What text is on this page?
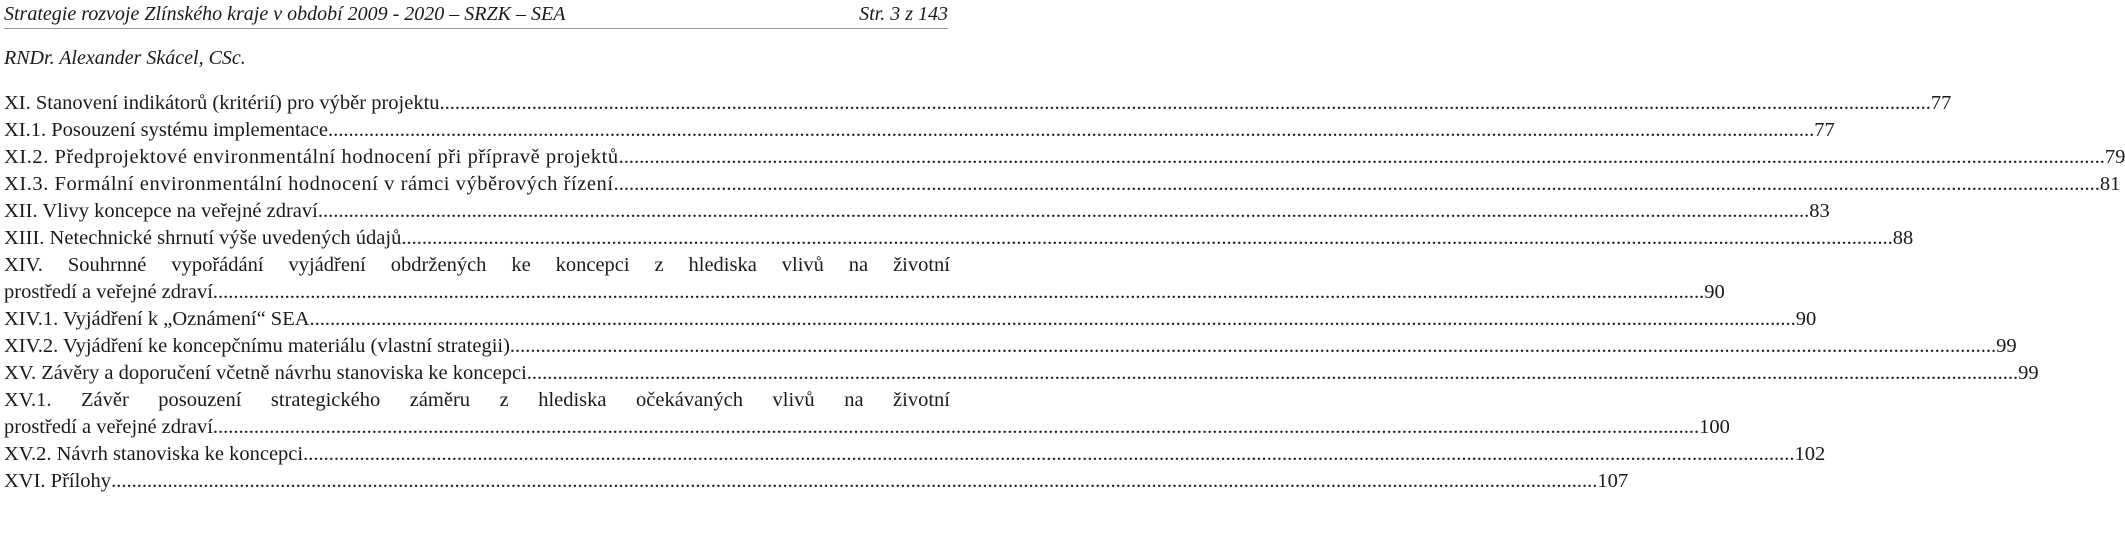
Strategie rozvoje Zlínského kraje v období 2009 - 2020 – SRZK – SEA	Str. 3 z 143
RNDr. Alexander Skácel, CSc.
XI. Stanovení indikátorů (kritérií) pro výběr projektu. .....	77
XI.1. Posouzení systému implementace .....	77
XI.2. Předprojektové environmentální hodnocení při přípravě projektů .....	79
XI.3. Formální environmentální hodnocení v rámci výběrových řízení .....	81
XII. Vlivy koncepce na veřejné zdraví. .....	83
XIII. Netechnické shrnutí výše uvedených údajů. .....	88
XIV. Souhrnné vypořádání vyjádření obdržených ke koncepci z hlediska vlivů na životní
prostředí a veřejné zdraví. .....	90
XIV.1. Vyjádření k „Oznámení“ SEA .....	90
XIV.2. Vyjádření ke koncepčnímu materiálu (vlastní strategii) .....	99
XV. Závěry a doporučení včetně návrhu stanoviska ke koncepci. .....	99
XV.1. Závěr posouzení strategického záměru z hlediska očekávaných vlivů na životní
prostředí a veřejné zdraví .....	100
XV.2. Návrh stanoviska ke koncepci. .....	102
XVI. Přílohy .....	107
